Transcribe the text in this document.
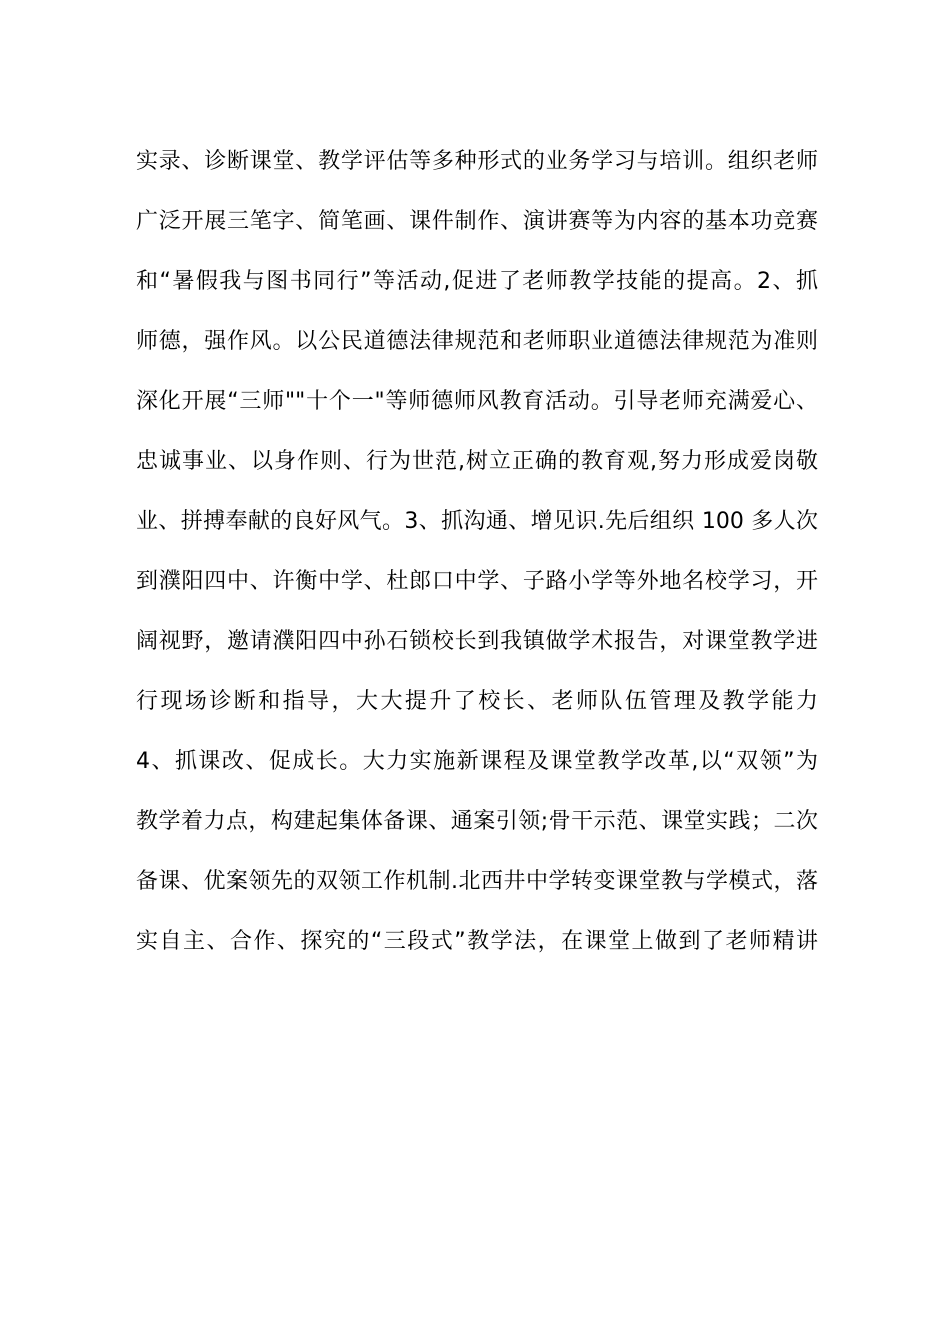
实录、诊断课堂、教学评估等多种形式的业务学习与培训。组织老师
广泛开展三笔字、简笔画、课件制作、演讲赛等为内容的基本功竞赛
和“暑假我与图书同行”等活动,促进了老师教学技能的提高。2、抓
师德，强作风。以公民道德法律规范和老师职业道德法律规范为准则
深化开展“三师""十个一"等师德师风教育活动。引导老师充满爱心、
忠诚事业、以身作则、行为世范,树立正确的教育观,努力形成爱岗敬
业、拼搏奉献的良好风气。3、抓沟通、增见识.先后组织 100 多人次
到濮阳四中、许衡中学、杜郎口中学、子路小学等外地名校学习，开
阔视野，邀请濮阳四中孙石锁校长到我镇做学术报告，对课堂教学进
行现场诊断和指导，大大提升了校长、老师队伍管理及教学能力
4、抓课改、促成长。大力实施新课程及课堂教学改革,以“双领”为
教学着力点，构建起集体备课、通案引领;骨干示范、课堂实践；二次
备课、优案领先的双领工作机制.北西井中学转变课堂教与学模式，落
实自主、合作、探究的“三段式”教学法，在课堂上做到了老师精讲
